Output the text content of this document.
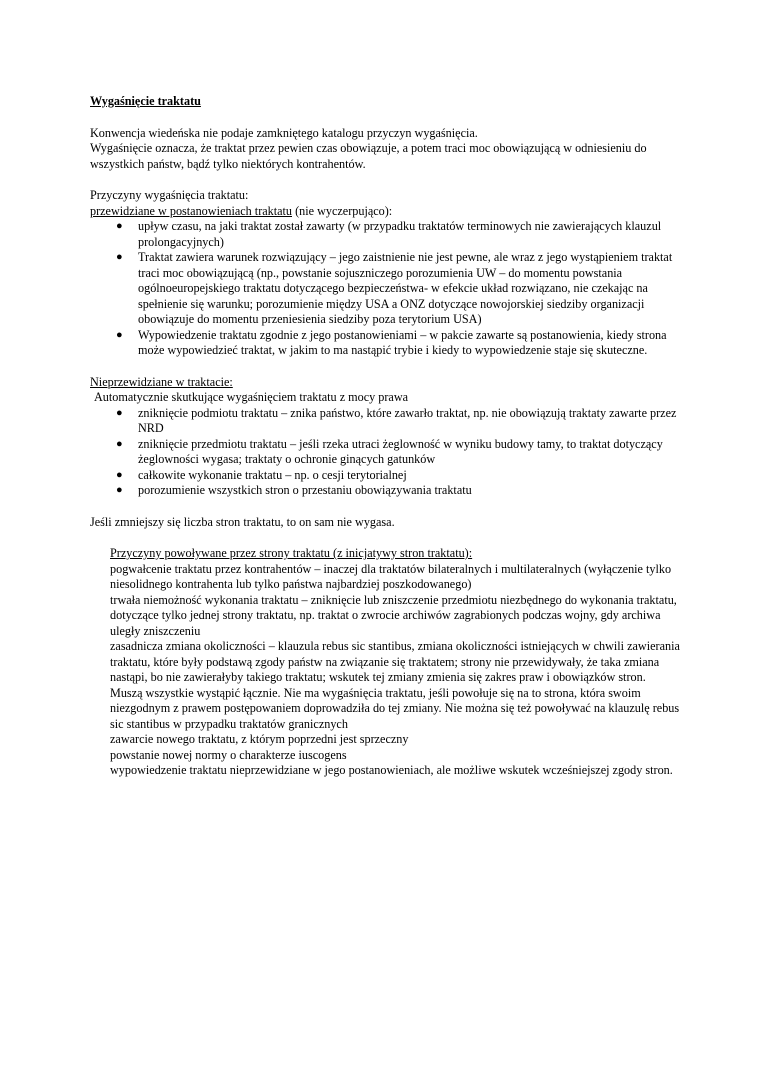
Wygaśnięcie traktatu

Konwencja wiedeńska nie podaje zamkniętego katalogu przyczyn wygaśnięcia.

Wygaśnięcie oznacza, że traktat przez pewien czas obowiązuje, a potem traci moc obowiązującą w odniesieniu do wszystkich państw, bądź tylko niektórych kontrahentów.

Przyczyny wygaśnięcia traktatu:

przewidziane w postanowieniach traktatu (nie wyczerpująco):

● upływ czasu, na jaki traktat został zawarty (w przypadku traktatów terminowych nie zawierających klauzul prolongacyjnych)
● Traktat zawiera warunek rozwiązujący – jego zaistnienie nie jest pewne, ale wraz z jego wystąpieniem traktat traci moc obowiązującą (np., powstanie sojuszniczego porozumienia UW – do momentu powstania ogólnoeuropejskiego traktatu dotyczącego bezpieczeństwa- w efekcie układ rozwiązano, nie czekając na spełnienie się warunku; porozumienie między USA a ONZ dotyczące nowojorskiej siedziby organizacji obowiązuje do momentu przeniesienia siedziby poza terytorium USA)
● Wypowiedzenie traktatu zgodnie z jego postanowieniami – w pakcie zawarte są postanowienia, kiedy strona może wypowiedzieć traktat, w jakim to ma nastąpić trybie i kiedy to wypowiedzenie staje się skuteczne.

Nieprzewidziane w traktacie:

Automatycznie skutkujące wygaśnięciem traktatu z mocy prawa

● zniknięcie podmiotu traktatu – znika państwo, które zawarło traktat, np. nie obowiązują traktaty zawarte przez NRD
● zniknięcie przedmiotu traktatu – jeśli rzeka utraci żeglowność w wyniku budowy tamy, to traktat dotyczący żeglowności wygasa; traktaty o ochronie ginących gatunków
● całkowite wykonanie traktatu – np. o cesji terytorialnej
● porozumienie wszystkich stron o przestaniu obowiązywania traktatu

Jeśli zmniejszy się liczba stron traktatu, to on sam nie wygasa.

Przyczyny powoływane przez strony traktatu (z inicjatywy stron traktatu):

pogwałcenie traktatu przez kontrahentów – inaczej dla traktatów bilateralnych i multilateralnych (wyłączenie tylko niesolidnego kontrahenta lub tylko państwa najbardziej poszkodowanego)
trwała niemożność wykonania traktatu – zniknięcie lub zniszczenie przedmiotu niezbędnego do wykonania traktatu, dotyczące tylko jednej strony traktatu, np. traktat o zwrocie archiwów zagrabionych podczas wojny, gdy archiwa uległy zniszczeniu
zasadnicza zmiana okoliczności – klauzula rebus sic stantibus, zmiana okoliczności istniejących w chwili zawierania traktatu, które były podstawą zgody państw na związanie się traktatem; strony nie przewidywały, że taka zmiana nastąpi, bo nie zawierałyby takiego traktatu; wskutek tej zmiany zmienia się zakres praw i obowiązków stron. Muszą wszystkie wystąpić łącznie. Nie ma wygaśnięcia traktatu, jeśli powołuje się na to strona, która swoim niezgodnym z prawem postępowaniem doprowadziła do tej zmiany. Nie można się też powoływać na klauzulę rebus sic stantibus w przypadku traktatów granicznych
zawarcie nowego traktatu, z którym poprzedni jest sprzeczny
powstanie nowej normy o charakterze iuscogens
wypowiedzenie traktatu nieprzewidziane w jego postanowieniach, ale możliwe wskutek wcześniejszej zgody stron.
